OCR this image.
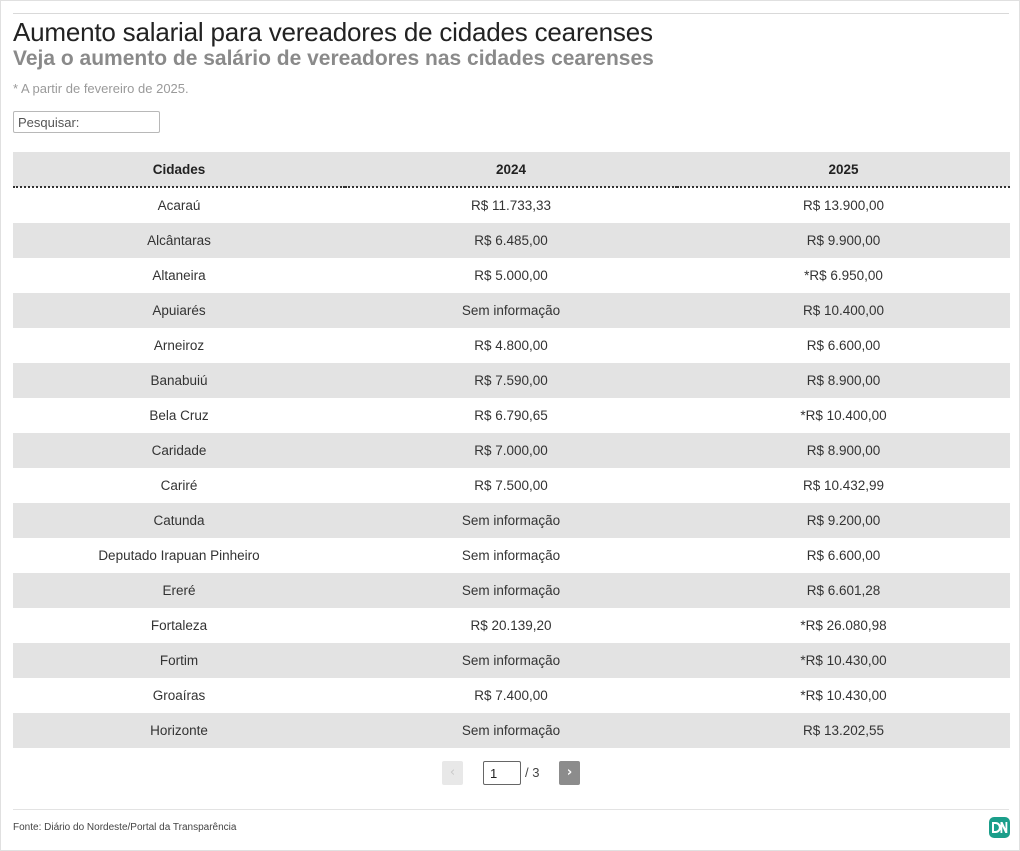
Aumento salarial para vereadores de cidades cearenses
Veja o aumento de salário de vereadores nas cidades cearenses
* A partir de fevereiro de 2025.
Pesquisar:
Cidades	2024	2025
Acaraú	R$ 11.733,33	R$ 13.900,00
Alcântaras	R$ 6.485,00	R$ 9.900,00
Altaneira	R$ 5.000,00	*R$ 6.950,00
Apuiarés	Sem informação	R$ 10.400,00
Arneiroz	R$ 4.800,00	R$ 6.600,00
Banabuiú	R$ 7.590,00	R$ 8.900,00
Bela Cruz	R$ 6.790,65	*R$ 10.400,00
Caridade	R$ 7.000,00	R$ 8.900,00
Cariré	R$ 7.500,00	R$ 10.432,99
Catunda	Sem informação	R$ 9.200,00
Deputado Irapuan Pinheiro	Sem informação	R$ 6.600,00
Ereré	Sem informação	R$ 6.601,28
Fortaleza	R$ 20.139,20	*R$ 26.080,98
Fortim	Sem informação	*R$ 10.430,00
Groaíras	R$ 7.400,00	*R$ 10.430,00
Horizonte	Sem informação	R$ 13.202,55
‹
1	/ 3	›
Fonte: Diário do Nordeste/Portal da Transparência
